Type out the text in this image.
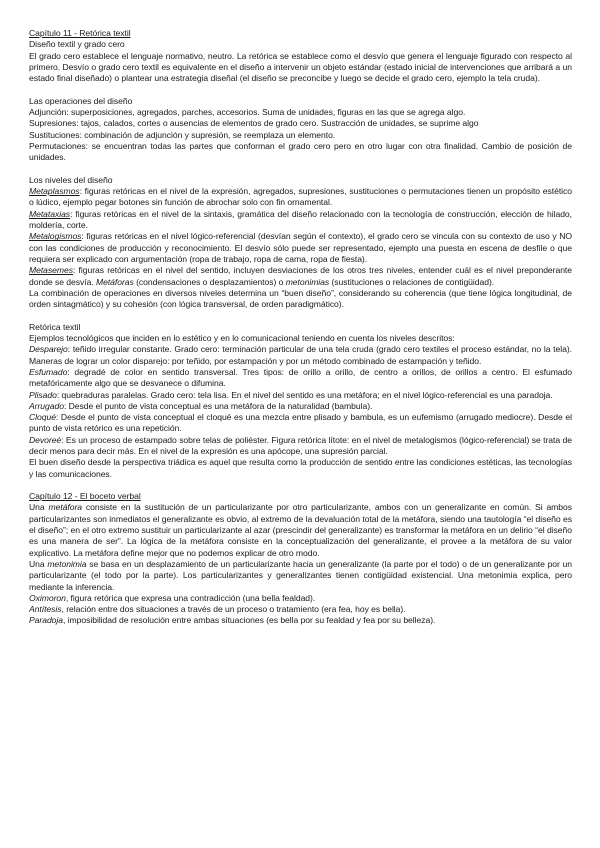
Capítulo 11 - Retórica textil

Diseño textil y grado cero

El grado cero establece el lenguaje normativo, neutro. La retórica se establece como el desvío que genera el lenguaje figurado con respecto al primero. Desvío o grado cero textil es equivalente en el diseño a intervenir un objeto estándar (estado inicial de intervenciones que arribará a un estado final diseñado) o plantear una estrategia diseñal (el diseño se preconcibe y luego se decide el grado cero, ejemplo la tela cruda).

Las operaciones del diseño

Adjunción: superposiciones, agregados, parches, accesorios. Suma de unidades, figuras en las que se agrega algo.

Supresiones: tajos, calados, cortes o ausencias de elementos de grado cero. Sustracción de unidades, se suprime algo

Sustituciones: combinación de adjunción y supresión, se reemplaza un elemento.

Permutaciones: se encuentran todas las partes que conforman el grado cero pero en otro lugar con otra finalidad. Cambio de posición de unidades.

Los niveles del diseño

Metaplasmos: figuras retóricas en el nivel de la expresión, agregados, supresiones, sustituciones o permutaciones tienen un propósito estético o lúdico, ejemplo pegar botones sin función de abrochar solo con fin ornamental.

Metataxias: figuras retóricas en el nivel de la sintaxis, gramática del diseño relacionado con la tecnología de construcción, elección de hilado, moldería, corte.

Metalogismos: figuras retóricas en el nivel lógico-referencial (desvían según el contexto), el grado cero se vincula con su contexto de uso y NO con las condiciones de producción y reconocimiento. El desvío sólo puede ser representado, ejemplo una puesta en escena de desfile o que requiera ser explicado con argumentación (ropa de trabajo, ropa de cama, ropa de fiesta).

Metasemes: figuras retóricas en el nivel del sentido, incluyen desviaciones de los otros tres niveles, entender cuál es el nivel preponderante donde se desvía. Metáforas (condensaciones o desplazamientos) o metonimias (sustituciones o relaciones de contigüidad).

La combinación de operaciones en diversos niveles determina un “buen diseño”, considerando su coherencia (que tiene lógica longitudinal, de orden sintagmático) y su cohesión (con lógica transversal, de orden paradigmático).

Retórica textil

Ejemplos tecnológicos que inciden en lo estético y en lo comunicacional teniendo en cuenta los niveles descritos:

Desparejo: teñido irregular constante. Grado cero: terminación particular de una tela cruda (grado cero textiles el proceso estándar, no la tela). Maneras de lograr un color disparejo: por teñido, por estampación y por un método combinado de estampación y teñido.

Esfumado: degradé de color en sentido transversal. Tres tipos: de orillo a orillo, de centro a orillos, de orillos a centro. El esfumado metafóricamente algo que se desvanece o difumina.

Plisado: quebraduras paralelas. Grado cero: tela lisa. En el nivel del sentido es una metáfora; en el nivel lógico-referencial es una paradoja.

Arrugado: Desde el punto de vista conceptual es una metáfora de la naturalidad (bambula).

Cloqué: Desde el punto de vista conceptual el cloqué es una mezcla entre plisado y bambula, es un eufemismo (arrugado mediocre). Desde el punto de vista retórico es una repetición.

Devoreé: Es un proceso de estampado sobre telas de poliéster. Figura retórica lítote: en el nivel de metalogismos (lógico-referencial) se trata de decir menos para decir más. En el nivel de la expresión es una apócope, una supresión parcial.

El buen diseño desde la perspectiva triádica es aquel que resulta como la producción de sentido entre las condiciones estéticas, las tecnologías y las comunicaciones.

Capítulo 12 - El boceto verbal

Una metáfora consiste en la sustitución de un particularizante por otro particularizante, ambos con un generalizante en común. Si ambos particularizantes son inmediatos el generalizante es obvio, al extremo de la devaluación total de la metáfora, siendo una tautología “el diseño es el diseño”; en el otro extremo sustituir un particularizante al azar (prescindir del generalizante) es transformar la metáfora en un delirio “el diseño es una manera de ser”. La lógica de la metáfora consiste en la conceptualización del generalizante, el provee a la metáfora de su valor explicativo. La metáfora define mejor que no podemos explicar de otro modo.

Una metonimia se basa en un desplazamiento de un particularizante hacia un generalizante (la parte por el todo) o de un generalizante por un particularizante (el todo por la parte). Los particularizantes y generalizantes tienen contigüidad existencial. Una metonimia explica, pero mediante la inferencia.

Oximoron, figura retórica que expresa una contradicción (una bella fealdad).

Antítesis, relación entre dos situaciones a través de un proceso o tratamiento (era fea, hoy es bella).

Paradoja, imposibilidad de resolución entre ambas situaciones (es bella por su fealdad y fea por su belleza).
